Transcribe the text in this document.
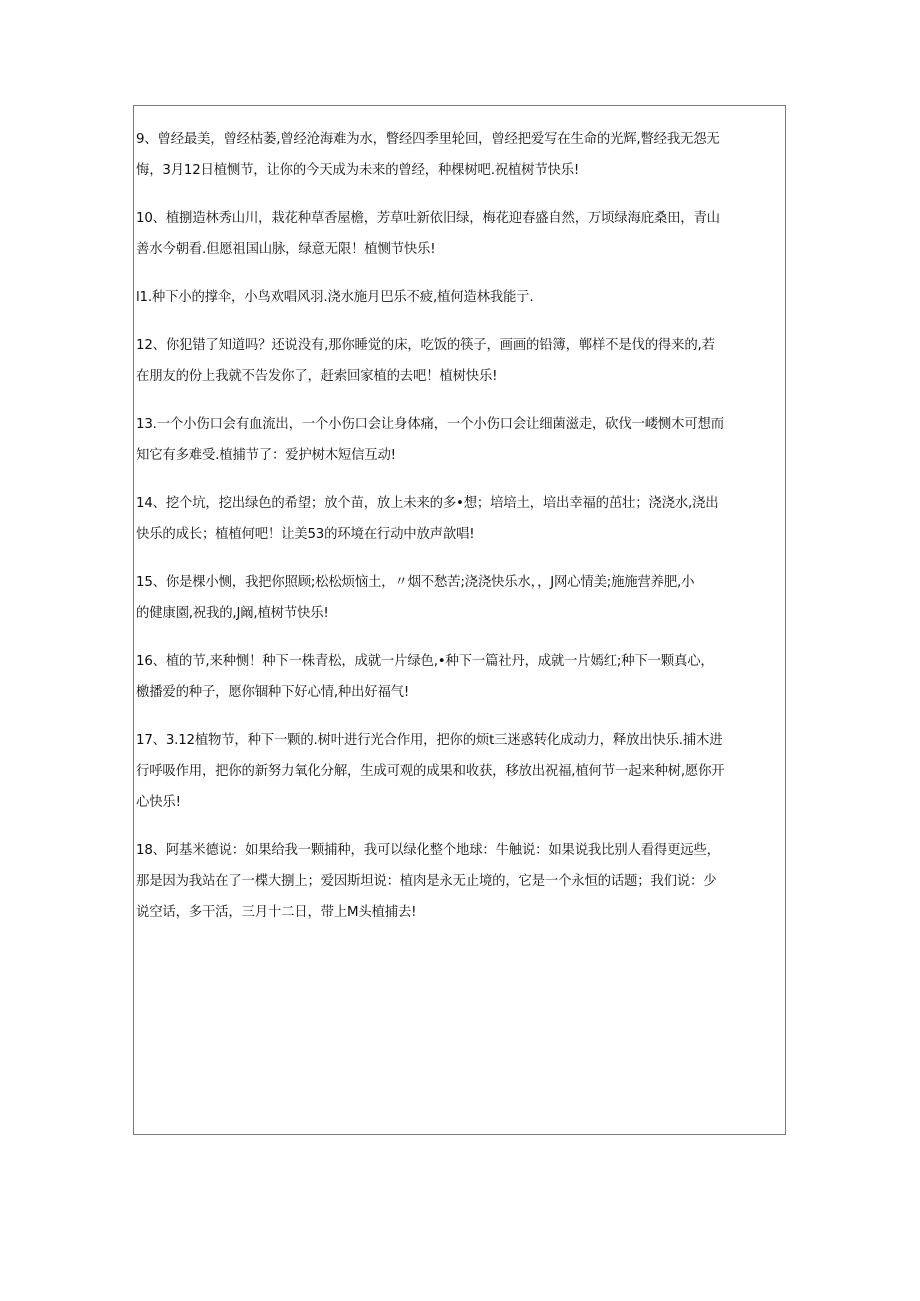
9、曾经最美，曾经枯萎,曾经沧海难为水，瞥经四季里轮回，曾经把爱写在生命的光辉,瞥经我无怨无
悔，3月12日植恻节，让你的今天成为未来的曾经，种棵树吧.祝植树节快乐!
10、植捌造林秀山川，栽花种草香屋檐，芳草吐新依旧绿，梅花迎春盛自然，万顷绿海庇桑田，青山
善水今朝看.但愿祖国山脉，绿意无限！植恻节快乐!
l1.种下小的撑伞，小鸟欢唱风羽.浇水施月巴乐不疲,植何造林我能亍.
12、你犯错了知道吗？还说没有,那你睡觉的床，吃饭的筷子，画画的铅簿，郸样不是伐的得来的,若
在朋友的份上我就不告发你了，赶索回家植的去吧！植树快乐!
13.一个小伤口会有血流出，一个小伤口会让身体痛，一个小伤口会让细菌滋走，砍伐一嵝恻木可想而
知它有多难受.植捕节了：爱护树木短信互动!
14、挖个坑，挖出绿色的希望；放个苗，放上未来的多•想；培培土，培出幸福的茁壮；浇浇水,浇出
快乐的成长；植植何吧！让美53的环境在行动中放声歆唱!
15、你是棵小恻，我把你照顾;松松烦恼土，〃烟不愁苦;浇浇快乐水，，J网心情美;施施营养肥,小
的健康園,祝我的,J阚,植树节快乐!
16、植的节,来种恻！种下一株青松，成就一片绿色,•种下一篇社丹，成就一片嫣红;种下一颗真心，
檄播爱的种子，愿你锢种下好心情,种出好福气!
17、3.12植物节，种下一颗的.树叶进行光合作用，把你的烦t三迷惑转化成动力，释放出快乐.捕木进
行呼吸作用，把你的新努力氧化分解，生成可观的成果和收获，移放出祝福,植何节一起来种树,愿你开
心快乐!
18、阿基米德说：如果给我一颗捕种，我可以绿化整个地球：牛触说：如果说我比别人看得更远些，
那是因为我站在了一楪大捌上；爱因斯坦说：植肉是永无止境的，它是一个永恒的话题；我们说：少
说空话，多干活，三月十二日，带上M头植捕去!
